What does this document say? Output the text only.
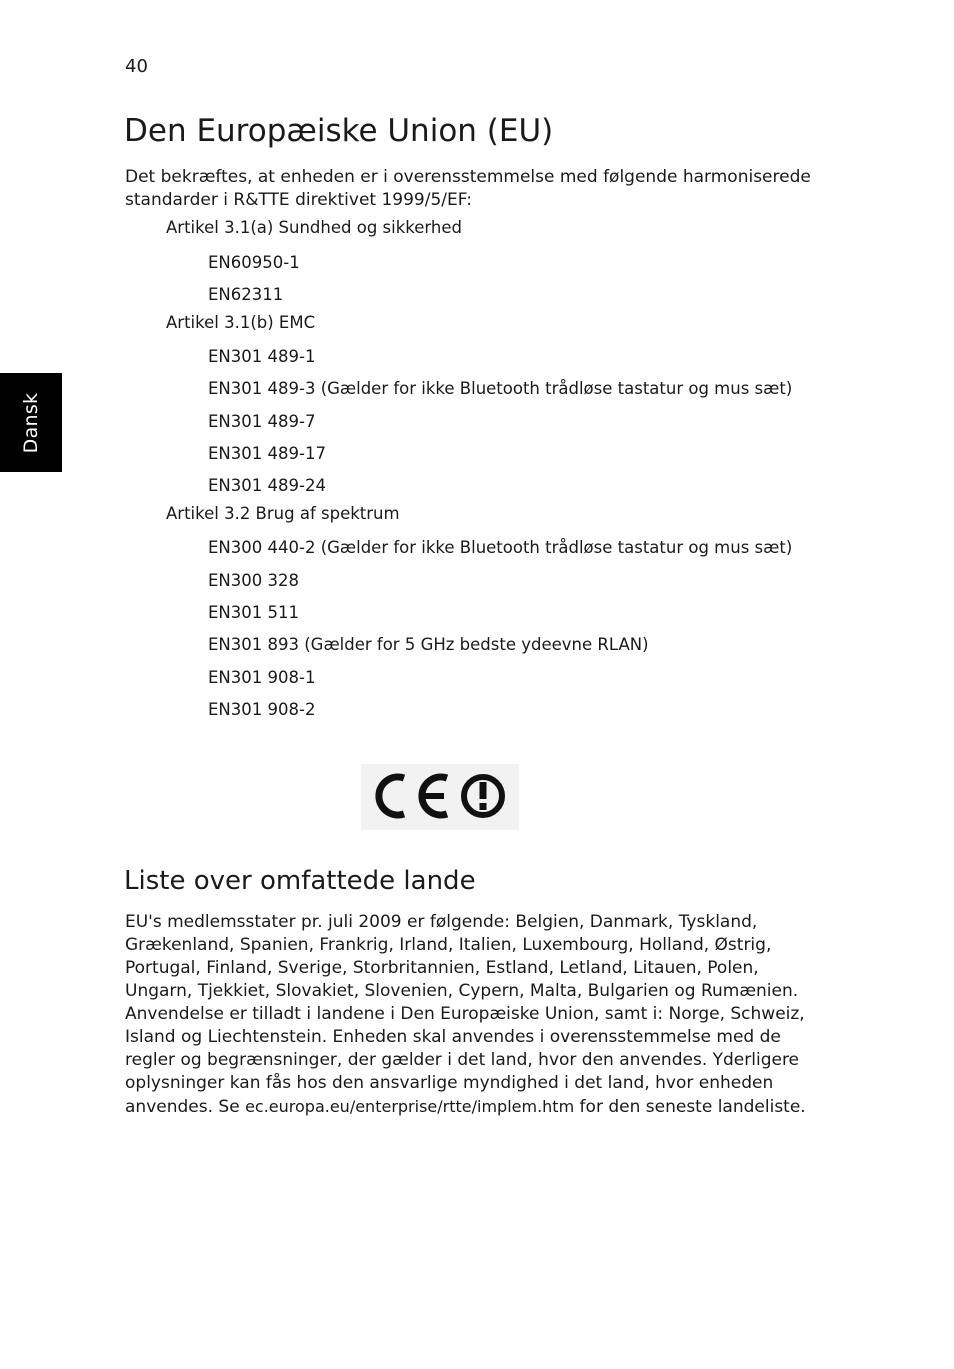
40
Dansk
Den Europæiske Union (EU)

Det bekræftes, at enheden er i overensstemmelse med følgende harmoniserede standarder i R&TTE direktivet 1999/5/EF:

Artikel 3.1(a) Sundhed og sikkerhed

EN60950-1

EN62311

Artikel 3.1(b) EMC

EN301 489-1

EN301 489-3 (Gælder for ikke Bluetooth trådløse tastatur og mus sæt)

EN301 489-7

EN301 489-17

EN301 489-24

Artikel 3.2 Brug af spektrum

EN300 440-2 (Gælder for ikke Bluetooth trådløse tastatur og mus sæt)

EN300 328

EN301 511

EN301 893 (Gælder for 5 GHz bedste ydeevne RLAN)

EN301 908-1

EN301 908-2

Liste over omfattede lande

EU's medlemsstater pr. juli 2009 er følgende: Belgien, Danmark, Tyskland, Grækenland, Spanien, Frankrig, Irland, Italien, Luxembourg, Holland, Østrig, Portugal, Finland, Sverige, Storbritannien, Estland, Letland, Litauen, Polen, Ungarn, Tjekkiet, Slovakiet, Slovenien, Cypern, Malta, Bulgarien og Rumænien. Anvendelse er tilladt i landene i Den Europæiske Union, samt i: Norge, Schweiz, Island og Liechtenstein. Enheden skal anvendes i overensstemmelse med de regler og begrænsninger, der gælder i det land, hvor den anvendes. Yderligere oplysninger kan fås hos den ansvarlige myndighed i det land, hvor enheden anvendes. Se ec.europa.eu/enterprise/rtte/implem.htm for den seneste landeliste.
